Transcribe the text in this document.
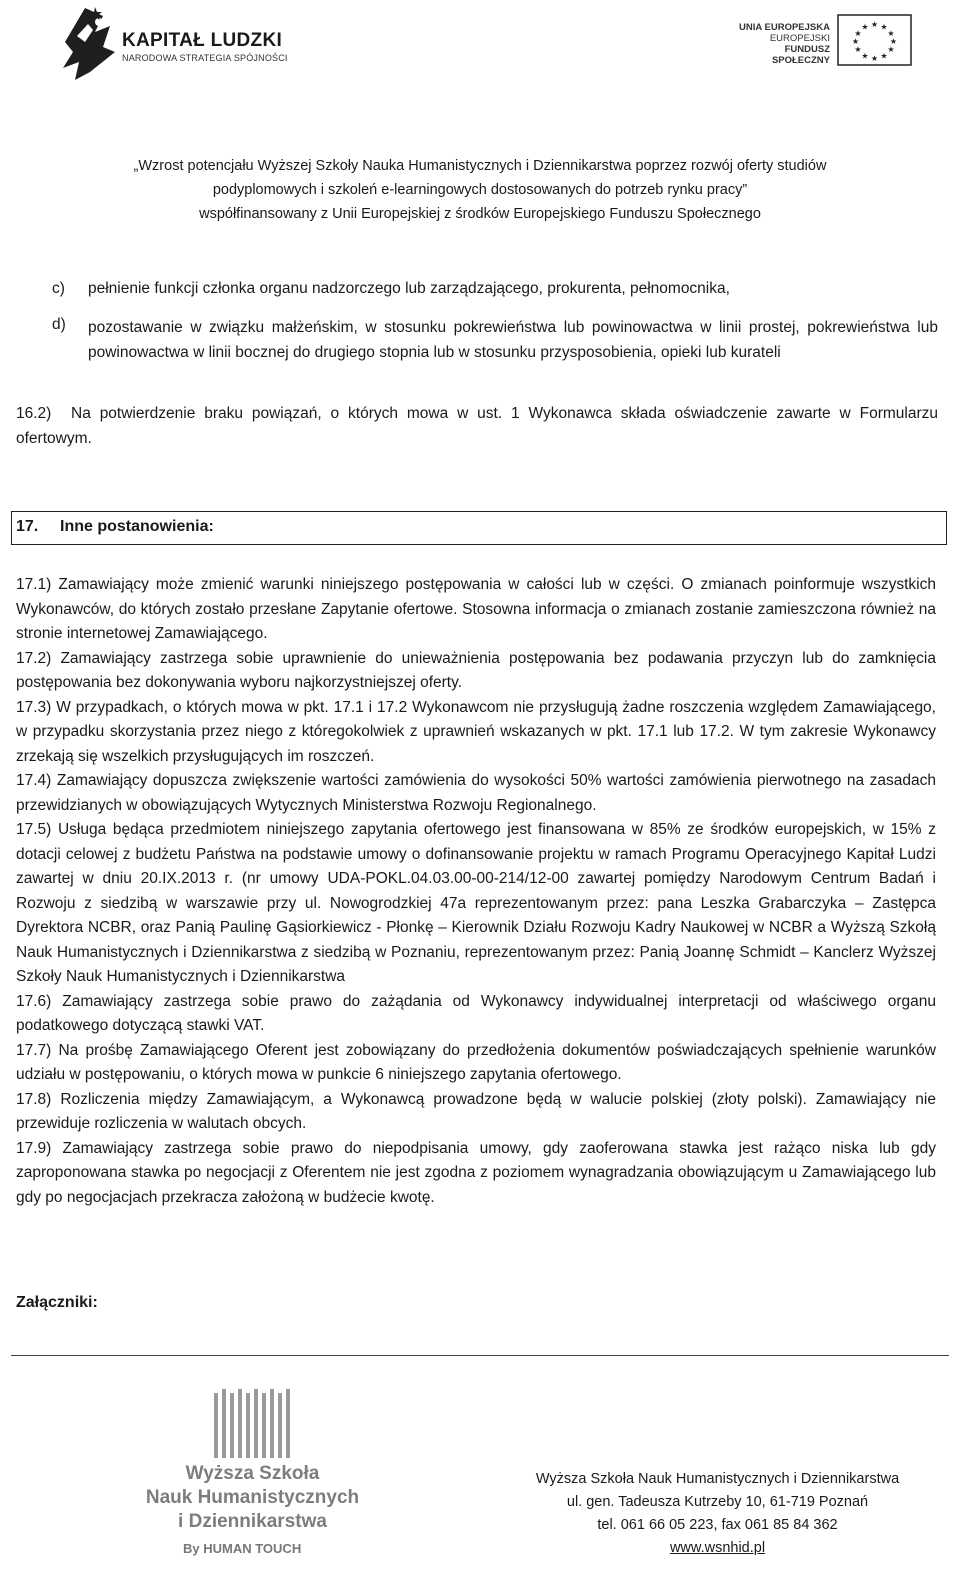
KAPITAŁ LUDZKI
NARODOWA STRATEGIA SPÓJNOŚCI
UNIA EUROPEJSKA
EUROPEJSKI
FUNDUSZ SPOŁECZNY
★ ★
★
★
★
★
★
★
★
★
★
★
„Wzrost potencjału Wyższej Szkoły Nauka Humanistycznych i Dziennikarstwa poprzez rozwój oferty studiów
podyplomowych i szkoleń e-learningowych dostosowanych do potrzeb rynku pracy”
współfinansowany z Unii Europejskiej z środków Europejskiego Funduszu Społecznego
c) pełnienie funkcji członka organu nadzorczego lub zarządzającego, prokurenta, pełnomocnika,
d) pozostawanie w związku małżeńskim, w stosunku pokrewieństwa lub powinowactwa w linii prostej, pokrewieństwa lub powinowactwa w linii bocznej do drugiego stopnia lub w stosunku przysposobienia, opieki lub kurateli
16.2) Na potwierdzenie braku powiązań, o których mowa w ust. 1 Wykonawca składa oświadczenie zawarte w Formularzu ofertowym.
17. Inne postanowienia:

17.1) Zamawiający może zmienić warunki niniejszego postępowania w całości lub w części. O zmianach poinformuje wszystkich Wykonawców, do których zostało przesłane Zapytanie ofertowe. Stosowna informacja o zmianach zostanie zamieszczona również na stronie internetowej Zamawiającego.

17.2) Zamawiający zastrzega sobie uprawnienie do unieważnienia postępowania bez podawania przyczyn lub do zamknięcia postępowania bez dokonywania wyboru najkorzystniejszej oferty.

17.3) W przypadkach, o których mowa w pkt. 17.1 i 17.2 Wykonawcom nie przysługują żadne roszczenia względem Zamawiającego, w przypadku skorzystania przez niego z któregokolwiek z uprawnień wskazanych w pkt. 17.1 lub 17.2. W tym zakresie Wykonawcy zrzekają się wszelkich przysługujących im roszczeń.

17.4) Zamawiający dopuszcza zwiększenie wartości zamówienia do wysokości 50% wartości zamówienia pierwotnego na zasadach przewidzianych w obowiązujących Wytycznych Ministerstwa Rozwoju Regionalnego.

17.5) Usługa będąca przedmiotem niniejszego zapytania ofertowego jest finansowana w 85% ze środków europejskich, w 15% z dotacji celowej z budżetu Państwa na podstawie umowy o dofinansowanie projektu w ramach Programu Operacyjnego Kapitał Ludzi zawartej w dniu 20.IX.2013 r. (nr umowy UDA-POKL.04.03.00-00-214/12-00 zawartej pomiędzy Narodowym Centrum Badań i Rozwoju z siedzibą w warszawie przy ul. Nowogrodzkiej 47a reprezentowanym przez: pana Leszka Grabarczyka – Zastępca Dyrektora NCBR, oraz Panią Paulinę Gąsiorkiewicz - Płonkę – Kierownik Działu Rozwoju Kadry Naukowej w NCBR a Wyższą Szkołą Nauk Humanistycznych i Dziennikarstwa z siedzibą w Poznaniu, reprezentowanym przez: Panią Joannę Schmidt – Kanclerz Wyższej Szkoły Nauk Humanistycznych i Dziennikarstwa

17.6) Zamawiający zastrzega sobie prawo do zażądania od Wykonawcy indywidualnej interpretacji od właściwego organu podatkowego dotyczącą stawki VAT.

17.7) Na prośbę Zamawiającego Oferent jest zobowiązany do przedłożenia dokumentów poświadczających spełnienie warunków udziału w postępowaniu, o których mowa w punkcie 6 niniejszego zapytania ofertowego.

17.8) Rozliczenia między Zamawiającym, a Wykonawcą prowadzone będą w walucie polskiej (złoty polski). Zamawiający nie przewiduje rozliczenia w walutach obcych.

17.9) Zamawiający zastrzega sobie prawo do niepodpisania umowy, gdy zaoferowana stawka jest rażąco niska lub gdy zaproponowana stawka po negocjacji z Oferentem nie jest zgodna z poziomem wynagradzania obowiązującym u Zamawiającego lub gdy po negocjacjach przekracza założoną w budżecie kwotę.

Załączniki:
Wyższa Szkoła
Nauk Humanistycznych
i Dziennikarstwa
By HUMAN TOUCH
Wyższa Szkoła Nauk Humanistycznych i Dziennikarstwa
ul. gen. Tadeusza Kutrzeby 10, 61-719 Poznań
tel. 061 66 05 223, fax 061 85 84 362
www.wsnhid.pl
